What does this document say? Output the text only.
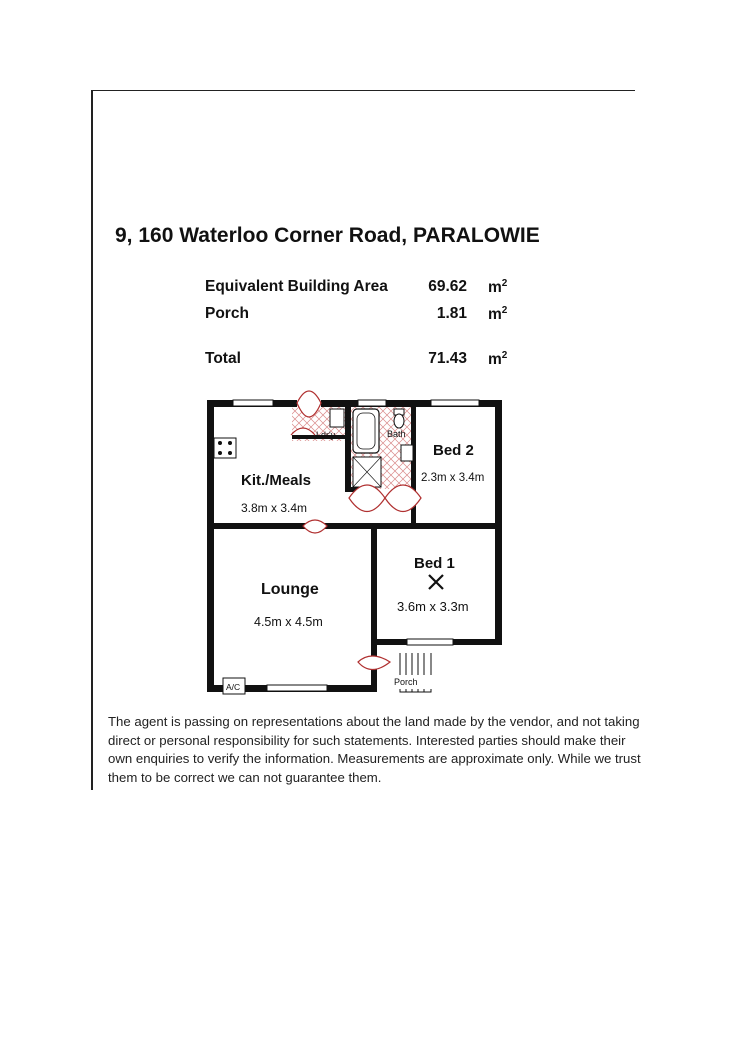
9, 160 Waterloo Corner Road, PARALOWIE
Equivalent Building Area	69.62 $m^2$
Porch	1.81 $m^2$
Total	71.43 $m^2$
Ldr'y	Bath
Bed 2
2.3m x 3.4m
Kit./Meals
3.8m x 3.4m
Bed 1
3.6m x 3.3m
Lounge
4.5m x 4.5m
A/C	Porch
The agent is passing on representations about the land made by the vendor, and not taking direct or personal responsibility for such statements. Interested parties should make their own enquiries to verify the information. Measurements are approximate only. While we trust them to be correct we can not guarantee them.
